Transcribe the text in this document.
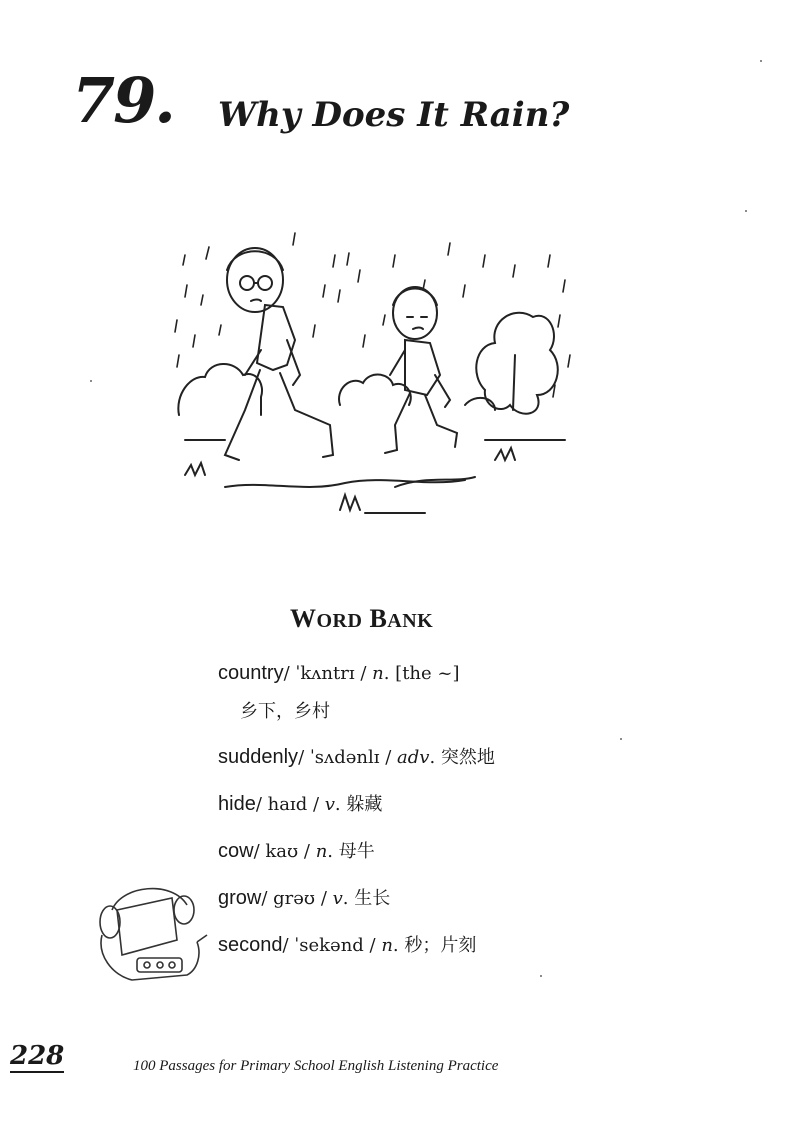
79. Why Does It Rain?
WORD BANK
country/ ˈkʌntrɪ / n. [the ~]
乡下，乡村
suddenly/ ˈsʌdənlɪ / adv. 突然地
hide/ haɪd / v. 躲藏
cow/ kaʊ / n. 母牛
grow/ grəʊ / v. 生长
second/ ˈsekənd / n. 秒；片刻
228	100 Passages for Primary School English Listening Practice
